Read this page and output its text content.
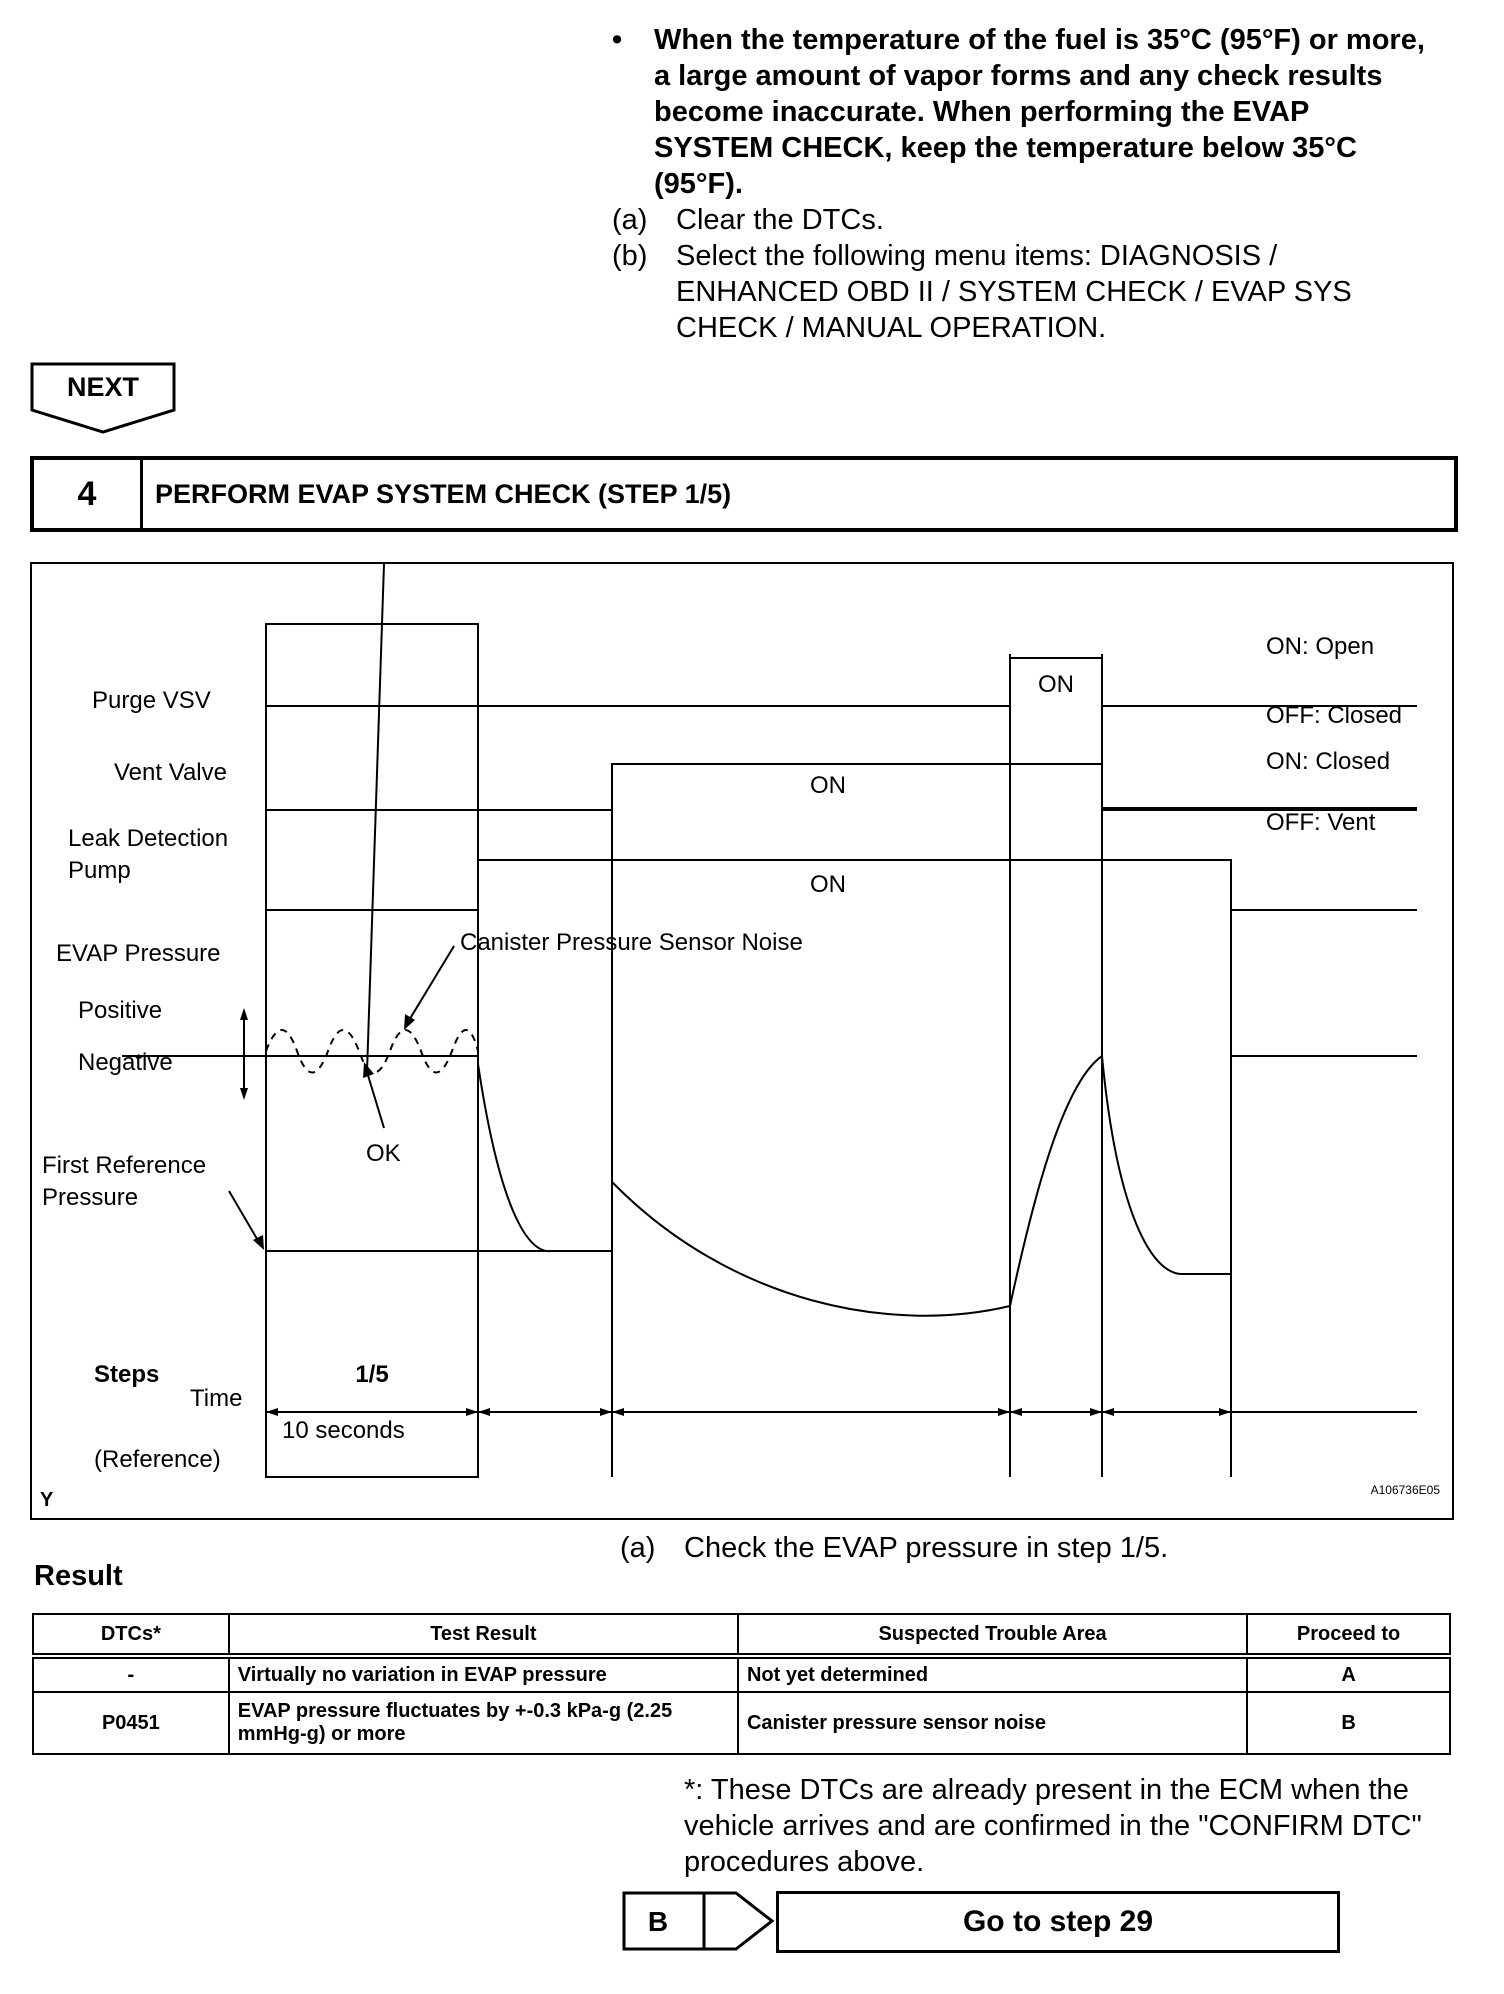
•	When the temperature of the fuel is 35°C (95°F) or more, a large amount of vapor forms and any check results become inaccurate. When performing the EVAP SYSTEM CHECK, keep the temperature below 35°C (95°F).
(a) Clear the DTCs.
(b) Select the following menu items: DIAGNOSIS / ENHANCED OBD II / SYSTEM CHECK / EVAP SYS CHECK / MANUAL OPERATION.
NEXT
4	PERFORM EVAP SYSTEM CHECK (STEP 1/5)
Purge VSV
Vent Valve
Leak Detection
Pump
EVAP Pressure
Positive
Negative
First Reference
Pressure
ON: Open
OFF: Closed
ON: Closed
OFF: Vent
ON
ON
ON
Canister Pressure Sensor Noise
OK
Steps
Time
(Reference)
1/5
10 seconds
Y	A106736E05
(a) Check the EVAP pressure in step 1/5.
Result
DTCs*	Test Result	Suspected Trouble Area	Proceed to
-	Virtually no variation in EVAP pressure	Not yet determined	A
P0451	EVAP pressure fluctuates by +-0.3 kPa-g (2.25 mmHg-g) or more	Canister pressure sensor noise	B
*: These DTCs are already present in the ECM when the vehicle arrives and are confirmed in the "CONFIRM DTC" procedures above.
B	Go to step 29
